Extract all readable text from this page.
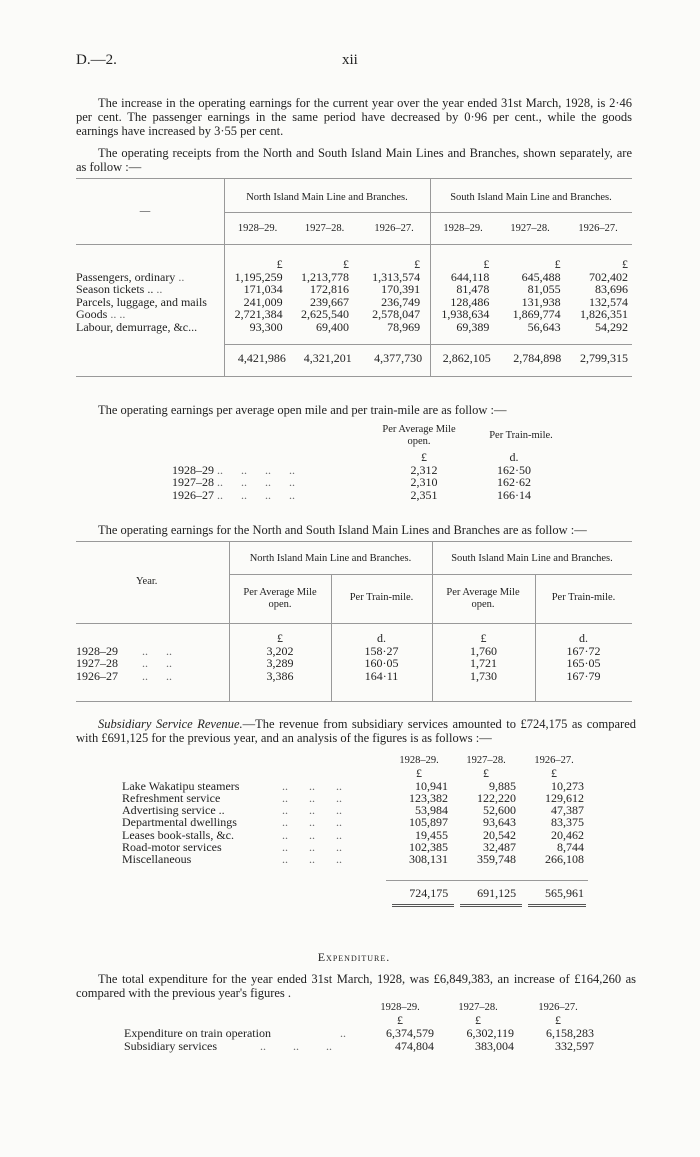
D.—2.	xii

The increase in the operating earnings for the current year over the year ended 31st March, 1928, is 2·46 per cent. The passenger earnings in the same period have decreased by 0·96 per cent., while the goods earnings have increased by 3·55 per cent.

The operating receipts from the North and South Island Main Lines and Branches, shown separately, are as follow :—

—
North Island Main Line and Branches.	South Island Main Line and Branches.
1928–29.	1927–28.	1926–27.	1928–29.	1927–28.	1926–27.
	£	£	£	£	£	£
Passengers, ordinary ..	1,195,259	1,213,778	1,313,574	644,118	645,488	702,402
Season tickets .. ..	171,034	172,816	170,391	81,478	81,055	83,696
Parcels, luggage, and mails	241,009	239,667	236,749	128,486	131,938	132,574
Goods .. ..	2,721,384	2,625,540	2,578,047	1,938,634	1,869,774	1,826,351
Labour, demurrage, &c...	93,300	69,400	78,969	69,389	56,643	54,292
4,421,986	4,321,201	4,377,730	2,862,105	2,784,898	2,799,315

The operating earnings per average open mile and per train-mile are as follow :—

Per Average Mile open.
Per Train-mile.
	£	d.
1928–29 ..      ..      ..      ..	2,312	162·50
1927–28 ..      ..      ..      ..	2,310	162·62
1926–27 ..      ..      ..      ..	2,351	166·14

The operating earnings for the North and South Island Main Lines and Branches are as follow :—

Year.
North Island Main Line and Branches.	South Island Main Line and Branches.
Per Average Mile open.
Per Train-mile.	Per Average Mile open.
Per Train-mile.
	£	d.	£	d.
1928–29        ..      ..	3,202	158·27	1,760	167·72
1927–28        ..      ..	3,289	160·05	1,721	165·05
1926–27        ..      ..	3,386	164·11	1,730	167·79

Subsidiary Service Revenue.—The revenue from subsidiary services amounted to £724,175 as compared with £691,125 for the previous year, and an analysis of the figures is as follows :—

	1928–29.	1927–28.	1926–27.
	£	£	£
Lake Wakatipu steamers ..       ..       ..	10,941	9,885	10,273
Refreshment service ..       ..       ..	123,382	122,220	129,612
Advertising service .. ..       ..       ..	53,984	52,600	47,387
Departmental dwellings ..       ..       ..	105,897	93,643	83,375
Leases book-stalls, &c. ..       ..       ..	19,455	20,542	20,462
Road-motor services ..       ..       ..	102,385	32,487	8,744
Miscellaneous ..       ..       ..	308,131	359,748	266,108
724,175	691,125	565,961
Expenditure.

The total expenditure for the year ended 31st March, 1928, was £6,849,383, an increase of £164,260 as compared with the previous year's figures .

	1928–29.	1927–28.	1926–27.
	£	£	£
Expenditure on train operation ..	6,374,579	6,302,119	6,158,283
Subsidiary services ..         ..         ..	474,804	383,004	332,597
